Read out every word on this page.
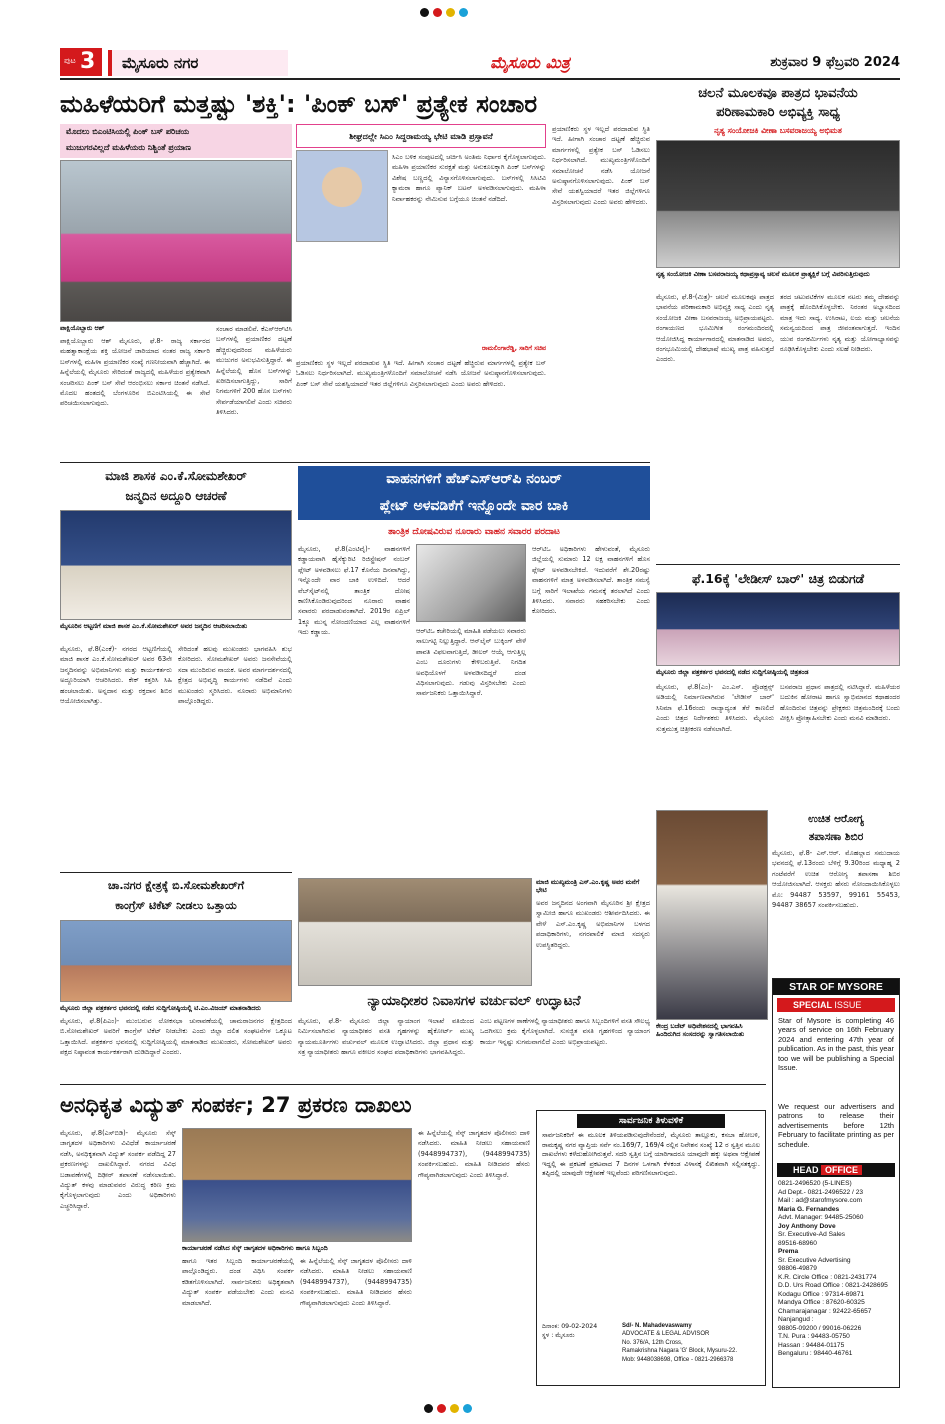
ಪುಟ 3	ಮೈಸೂರು ನಗರ	ಮೈಸೂರು ಮಿತ್ರ	ಶುಕ್ರವಾರ 9 ಫೆಬ್ರವರಿ 2024
ಮಹಿಳೆಯರಿಗೆ ಮತ್ತಷ್ಟು 'ಶಕ್ತಿ': 'ಪಿಂಕ್ ಬಸ್' ಪ್ರತ್ಯೇಕ ಸಂಚಾರ
ಮೊದಲು ಬಿಎಂಟಿಸಿಯಲ್ಲಿ ಪಿಂಕ್ ಬಸ್ ಪರಿಚಯ
ಮುಜುಗರವಿಲ್ಲದೆ ಮಹಿಳೆಯರು ನಿಶ್ಚಿಂತೆ ಪ್ರಯಾಣ
ಪಾಕ್ಷಿಯೊಬ್ಬಾರು ಆಶ್
ಪಾಕ್ಷಿಯೊಬ್ಬಾರು ಆಶ್ ಮೈಸೂರು, ಫೆ.8- ರಾಜ್ಯ ಸರ್ಕಾರದ ಮಹತ್ವಾಕಾಂಕ್ಷೆಯ ಶಕ್ತಿ ಯೋಜನೆ ಜಾರಿಯಾದ ನಂತರ ರಾಜ್ಯ ಸರ್ಕಾರಿ ಬಸ್‌ಗಳಲ್ಲಿ ಮಹಿಳಾ ಪ್ರಯಾಣಿಕರ ಸಂಖ್ಯೆ ಗಣನೀಯವಾಗಿ ಹೆಚ್ಚಾಗಿದೆ. ಈ ಹಿನ್ನೆಲೆಯಲ್ಲಿ ಮೈಸೂರು ಸೇರಿದಂತೆ ರಾಜ್ಯದಲ್ಲಿ ಮಹಿಳೆಯರ ಪ್ರತ್ಯೇಕವಾಗಿ ಸಂಚರಿಸಲು ಪಿಂಕ್ ಬಸ್ ಸೇವೆ ಆರಂಭಿಸಲು ಸರ್ಕಾರ ಚಿಂತನೆ ನಡೆಸಿದೆ. ಮೊದಲ ಹಂತದಲ್ಲಿ ಬೆಂಗಳೂರಿನ ಬಿಎಂಟಿಸಿಯಲ್ಲಿ ಈ ಸೇವೆ ಪರಿಚಯಿಸಲಾಗುವುದು.
ಸಂಚಾರ ಮಾಡಲಿವೆ. ಕೆಎಸ್‌ಆರ್‌ಟಿಸಿ ಬಸ್‌ಗಳಲ್ಲಿ ಪ್ರಯಾಣಿಕರ ದಟ್ಟಣೆ ಹೆಚ್ಚಿರುವುದರಿಂದ ಮಹಿಳೆಯರು ಮುಜುಗರ ಅನುಭವಿಸುತ್ತಿದ್ದಾರೆ. ಈ ಹಿನ್ನೆಲೆಯಲ್ಲಿ ಹೊಸ ಬಸ್‌ಗಳನ್ನು ಖರೀದಿಸಲಾಗುತ್ತಿದ್ದು, ಸಾರಿಗೆ ನಿಗಮಗಳಿಗೆ 200 ಹೊಸ ಬಸ್‌ಗಳು ಸೇರ್ಪಡೆಯಾಗಲಿವೆ ಎಂದು ಸಚಿವರು ತಿಳಿಸಿದರು.
ಶೀಘ್ರದಲ್ಲೇ ಸಿಎಂ ಸಿದ್ದರಾಮಯ್ಯ ಭೇಟಿ ಮಾಡಿ ಪ್ರಸ್ತಾವನೆ
ಸಿಎಂ ಬಳಿಕ ಸಂಪುಟದಲ್ಲಿ ಚರ್ಚಿಸಿ ಅಂತಿಮ ನಿರ್ಧಾರ ಕೈಗೊಳ್ಳಲಾಗುವುದು. ಮಹಿಳಾ ಪ್ರಯಾಣಿಕರ ಸುರಕ್ಷತೆ ಮತ್ತು ಅನುಕೂಲಕ್ಕಾಗಿ ಪಿಂಕ್ ಬಸ್‌ಗಳನ್ನು ವಿಶೇಷ ಬಣ್ಣದಲ್ಲಿ ವಿನ್ಯಾಸಗೊಳಿಸಲಾಗುವುದು. ಬಸ್‌ಗಳಲ್ಲಿ ಸಿಸಿಟಿವಿ ಕ್ಯಾಮರಾ ಹಾಗೂ ಪ್ಯಾನಿಕ್ ಬಟನ್ ಅಳವಡಿಸಲಾಗುವುದು. ಮಹಿಳಾ ನಿರ್ವಾಹಕರನ್ನು ನೇಮಿಸುವ ಬಗ್ಗೆಯೂ ಚಿಂತನೆ ನಡೆದಿದೆ.
ರಾಮಲಿಂಗಾರೆಡ್ಡಿ, ಸಾರಿಗೆ ಸಚಿವ
ಪ್ರಯಾಣಿಕರು ಸ್ಥಳ ಇಲ್ಲದೆ ಪರದಾಡುವ ಸ್ಥಿತಿ ಇದೆ. ಹೀಗಾಗಿ ಸಂಚಾರ ದಟ್ಟಣೆ ಹೆಚ್ಚಿರುವ ಮಾರ್ಗಗಳಲ್ಲಿ ಪ್ರತ್ಯೇಕ ಬಸ್ ಓಡಿಸಲು ನಿರ್ಧರಿಸಲಾಗಿದೆ. ಮುಖ್ಯಮಂತ್ರಿಗಳೊಂದಿಗೆ ಸಮಾಲೋಚನೆ ನಡೆಸಿ ಯೋಜನೆ ಅನುಷ್ಠಾನಗೊಳಿಸಲಾಗುವುದು. ಪಿಂಕ್ ಬಸ್ ಸೇವೆ ಯಶಸ್ವಿಯಾದರೆ ಇತರ ಜಿಲ್ಲೆಗಳಿಗೂ ವಿಸ್ತರಿಸಲಾಗುವುದು ಎಂದು ಅವರು ಹೇಳಿದರು.
ಪ್ರಯಾಣಿಕರು ಸ್ಥಳ ಇಲ್ಲದೆ ಪರದಾಡುವ ಸ್ಥಿತಿ ಇದೆ. ಹೀಗಾಗಿ ಸಂಚಾರ ದಟ್ಟಣೆ ಹೆಚ್ಚಿರುವ ಮಾರ್ಗಗಳಲ್ಲಿ ಪ್ರತ್ಯೇಕ ಬಸ್ ಓಡಿಸಲು ನಿರ್ಧರಿಸಲಾಗಿದೆ. ಮುಖ್ಯಮಂತ್ರಿಗಳೊಂದಿಗೆ ಸಮಾಲೋಚನೆ ನಡೆಸಿ ಯೋಜನೆ ಅನುಷ್ಠಾನಗೊಳಿಸಲಾಗುವುದು. ಪಿಂಕ್ ಬಸ್ ಸೇವೆ ಯಶಸ್ವಿಯಾದರೆ ಇತರ ಜಿಲ್ಲೆಗಳಿಗೂ ವಿಸ್ತರಿಸಲಾಗುವುದು ಎಂದು ಅವರು ಹೇಳಿದರು.
ಚಲನೆ ಮೂಲಕವೂ ಪಾತ್ರದ ಭಾವನೆಯ
ಪರಿಣಾಮಕಾರಿ ಅಭಿವ್ಯಕ್ತಿ ಸಾಧ್ಯ
ನೃತ್ಯ ಸಂಯೋಜಕಿ ವೀಣಾ ಬಸವರಾಜಯ್ಯ ಅಭಿಮತ
ನೃತ್ಯ ಸಂಯೋಜಕಿ ವೀಣಾ ಬಸವರಾಜಯ್ಯ ಕಥಾಪ್ರಸ್ತಾವ್ಯ ಚಲನೆ ಮೂಲಕ ಪ್ರಾತ್ಯಕ್ಷಿಕೆ ಬಗ್ಗೆ ವಿವರಿಸುತ್ತಿರುವುದು
ಮೈಸೂರು, ಫೆ.8-(ಮಿತ್ರ)- ಚಲನೆ ಮೂಲಕವೂ ಪಾತ್ರದ ಭಾವನೆಯ ಪರಿಣಾಮಕಾರಿ ಅಭಿವ್ಯಕ್ತಿ ಸಾಧ್ಯ ಎಂದು ನೃತ್ಯ ಸಂಯೋಜಕಿ ವೀಣಾ ಬಸವರಾಜಯ್ಯ ಅಭಿಪ್ರಾಯಪಟ್ಟರು. ರಂಗಾಯಣದ ಭೂಮಿಗೀತ ರಂಗಮಂದಿರದಲ್ಲಿ ಆಯೋಜಿಸಿದ್ದ ಕಾರ್ಯಾಗಾರದಲ್ಲಿ ಮಾತನಾಡಿದ ಅವರು, ರಂಗಭೂಮಿಯಲ್ಲಿ ದೇಹಭಾಷೆ ಮುಖ್ಯ ಪಾತ್ರ ವಹಿಸುತ್ತದೆ ಎಂದರು.
ತರದ ಚಟುವಟಿಕೆಗಳ ಮೂಲಕ ನಟರು ತಮ್ಮ ದೇಹವನ್ನು ಪಾತ್ರಕ್ಕೆ ಹೊಂದಿಸಿಕೊಳ್ಳಬೇಕು. ನಿರಂತರ ಅಭ್ಯಾಸದಿಂದ ಮಾತ್ರ ಇದು ಸಾಧ್ಯ. ಉಸಿರಾಟ, ಲಯ ಮತ್ತು ಚಲನೆಯ ಸಮನ್ವಯದಿಂದ ಪಾತ್ರ ಜೀವಂತವಾಗುತ್ತದೆ. ಇಂದಿನ ಯುವ ರಂಗಕರ್ಮಿಗಳು ನೃತ್ಯ ಮತ್ತು ಯೋಗಾಭ್ಯಾಸವನ್ನು ರೂಢಿಸಿಕೊಳ್ಳಬೇಕು ಎಂದು ಸಲಹೆ ನೀಡಿದರು.
ಮಾಜಿ ಶಾಸಕ ಎಂ.ಕೆ.ಸೋಮಶೇಖರ್
ಜನ್ಮದಿನ ಅದ್ದೂರಿ ಆಚರಣೆ
ಮೈಸೂರಿನ ಆಟ್ಟಣಿಗೆ ಮಾಜಿ ಶಾಸಕ ಎಂ.ಕೆ.ಸೋಮಶೇಖರ್ ಅವರ ಜನ್ಮದಿನ ಆಚರಿಸಲಾಯಿತು
ಮೈಸೂರು, ಫೆ.8(ಎಂಕೆ)- ನಗರದ ಆಟ್ಟಣಿಗೆಯಲ್ಲಿ ಮಾಜಿ ಶಾಸಕ ಎಂ.ಕೆ.ಸೋಮಶೇಖರ್ ಅವರ 63ನೇ ಜನ್ಮದಿನವನ್ನು ಅಭಿಮಾನಿಗಳು ಮತ್ತು ಕಾರ್ಯಕರ್ತರು ಅದ್ದೂರಿಯಾಗಿ ಆಚರಿಸಿದರು. ಕೇಕ್ ಕತ್ತರಿಸಿ ಸಿಹಿ ಹಂಚಲಾಯಿತು. ಅನ್ನದಾನ ಮತ್ತು ರಕ್ತದಾನ ಶಿಬಿರ ಆಯೋಜಿಸಲಾಗಿತ್ತು.
ಸೇರಿದಂತೆ ಹಲವು ಮುಖಂಡರು ಭಾಗವಹಿಸಿ ಶುಭ ಕೋರಿದರು. ಸೋಮಶೇಖರ್ ಅವರು ಜನಸೇವೆಯಲ್ಲಿ ಸದಾ ಮುಂದಿರುವ ನಾಯಕ. ಅವರ ಮಾರ್ಗದರ್ಶನದಲ್ಲಿ ಕ್ಷೇತ್ರದ ಅಭಿವೃದ್ಧಿ ಕಾರ್ಯಗಳು ನಡೆದಿವೆ ಎಂದು ಮುಖಂಡರು ಸ್ಮರಿಸಿದರು. ನೂರಾರು ಅಭಿಮಾನಿಗಳು ಪಾಲ್ಗೊಂಡಿದ್ದರು.
ವಾಹನಗಳಿಗೆ ಹೆಚ್‌ಎಸ್‌ಆರ್‌ಪಿ ನಂಬರ್
ಪ್ಲೇಟ್ ಅಳವಡಿಕೆಗೆ ಇನ್ನೊಂದೇ ವಾರ ಬಾಕಿ
ತಾಂತ್ರಿಕ ದೋಷವಿರುವ ನೂರಾರು ವಾಹನ ಸವಾರರ ಪರದಾಟ
ಮೈಸೂರು, ಫೆ.8(ಎಂಟಿವೈ)- ವಾಹನಗಳಿಗೆ ಕಡ್ಡಾಯವಾಗಿ ಹೈಸೆಕ್ಯುರಿಟಿ ರಿಜಿಸ್ಟ್ರೇಷನ್ ನಂಬರ್ ಪ್ಲೇಟ್ ಅಳವಡಿಸಲು ಫೆ.17 ಕೊನೆಯ ದಿನವಾಗಿದ್ದು, ಇನ್ನೊಂದೇ ವಾರ ಬಾಕಿ ಉಳಿದಿದೆ. ಆದರೆ ವೆಬ್‌ಸೈಟ್‌ನಲ್ಲಿ ತಾಂತ್ರಿಕ ದೋಷ ಕಾಣಿಸಿಕೊಂಡಿರುವುದರಿಂದ ನೂರಾರು ವಾಹನ ಸವಾರರು ಪರದಾಡುವಂತಾಗಿದೆ. 2019ರ ಏಪ್ರಿಲ್ 1ಕ್ಕೂ ಮುನ್ನ ನೋಂದಣಿಯಾದ ಎಲ್ಲ ವಾಹನಗಳಿಗೆ ಇದು ಕಡ್ಡಾಯ.	ಆರ್‌ಟಿಒ ಕಚೇರಿಯಲ್ಲಿ ಮಾಹಿತಿ ಪಡೆಯಲು ಸವಾರರು ಸಾಲುಗಟ್ಟಿ ನಿಲ್ಲುತ್ತಿದ್ದಾರೆ. ಆನ್‌ಲೈನ್ ಬುಕ್ಕಿಂಗ್ ವೇಳೆ ಪಾವತಿ ವಿಫಲವಾಗುತ್ತಿದೆ, ಡೀಲರ್ ಆಯ್ಕೆ ಆಗುತ್ತಿಲ್ಲ ಎಂಬ ದೂರುಗಳು ಕೇಳಿಬರುತ್ತಿವೆ. ನಿಗದಿತ ಅವಧಿಯೊಳಗೆ ಅಳವಡಿಸದಿದ್ದರೆ ದಂಡ ವಿಧಿಸಲಾಗುವುದು. ಗಡುವು ವಿಸ್ತರಿಸಬೇಕು ಎಂದು ಸಾರ್ವಜನಿಕರು ಒತ್ತಾಯಿಸಿದ್ದಾರೆ.
ಆರ್‌ಟಿಒ ಅಧಿಕಾರಿಗಳು ಹೇಳುವಂತೆ, ಮೈಸೂರು ಜಿಲ್ಲೆಯಲ್ಲಿ ಸುಮಾರು 12 ಲಕ್ಷ ವಾಹನಗಳಿಗೆ ಹೊಸ ಪ್ಲೇಟ್ ಅಳವಡಿಸಬೇಕಿದೆ. ಇದುವರೆಗೆ ಶೇ.20ರಷ್ಟು ವಾಹನಗಳಿಗೆ ಮಾತ್ರ ಅಳವಡಿಸಲಾಗಿದೆ. ತಾಂತ್ರಿಕ ಸಮಸ್ಯೆ ಬಗ್ಗೆ ಸಾರಿಗೆ ಇಲಾಖೆಯ ಗಮನಕ್ಕೆ ತರಲಾಗಿದೆ ಎಂದು ತಿಳಿಸಿದರು. ಸವಾರರು ಸಹಕರಿಸಬೇಕು ಎಂದು ಕೋರಿದರು.
ಚಾ.ನಗರ ಕ್ಷೇತ್ರಕ್ಕೆ ಬಿ.ಸೋಮಶೇಖರ್‌ಗೆ
ಕಾಂಗ್ರೆಸ್ ಟಿಕೆಟ್ ನೀಡಲು ಒತ್ತಾಯ
ಮೈಸೂರು ಜಿಲ್ಲಾ ಪತ್ರಕರ್ತರ ಭವನದಲ್ಲಿ ನಡೆದ ಸುದ್ದಿಗೋಷ್ಠಿಯಲ್ಲಿ ಟಿ.ಎಂ.ವಿಜಯ್ ಮಾತನಾಡಿದರು
ಮೈಸೂರು, ಫೆ.8(ಪಿಎಂ)- ಮುಂಬರುವ ಲೋಕಸಭಾ ಚುನಾವಣೆಯಲ್ಲಿ ಚಾಮರಾಜನಗರ ಕ್ಷೇತ್ರದಿಂದ ಬಿ.ಸೋಮಶೇಖರ್ ಅವರಿಗೆ ಕಾಂಗ್ರೆಸ್ ಟಿಕೆಟ್ ನೀಡಬೇಕು ಎಂದು ಜಿಲ್ಲಾ ದಲಿತ ಸಂಘಟನೆಗಳ ಒಕ್ಕೂಟ ಒತ್ತಾಯಿಸಿದೆ. ಪತ್ರಕರ್ತರ ಭವನದಲ್ಲಿ ಸುದ್ದಿಗೋಷ್ಠಿಯಲ್ಲಿ ಮಾತನಾಡಿದ ಮುಖಂಡರು, ಸೋಮಶೇಖರ್ ಅವರು ಪಕ್ಷದ ನಿಷ್ಠಾವಂತ ಕಾರ್ಯಕರ್ತರಾಗಿ ದುಡಿದಿದ್ದಾರೆ ಎಂದರು.
ಮಾಜಿ ಮುಖ್ಯಮಂತ್ರಿ ಎಸ್.ಎಂ.ಕೃಷ್ಣ ಅವರ ಮನೆಗೆ ಭೇಟಿ
ಅವರ ಜನ್ಮದಿನದ ಅಂಗವಾಗಿ ಮೈಸೂರಿನ ಶ್ರೀ ಕ್ಷೇತ್ರದ ಸ್ವಾಮೀಜಿ ಹಾಗೂ ಮುಖಂಡರು ಆಶೀರ್ವದಿಸಿದರು. ಈ ವೇಳೆ ಎಸ್.ಎಂ.ಕೃಷ್ಣ ಅಭಿಮಾನಿಗಳ ಬಳಗದ ಪದಾಧಿಕಾರಿಗಳು, ನಗರಪಾಲಿಕೆ ಮಾಜಿ ಸದಸ್ಯರು ಉಪಸ್ಥಿತರಿದ್ದರು.
ನ್ಯಾಯಾಧೀಶರ ನಿವಾಸಗಳ ವರ್ಚುವಲ್ ಉದ್ಘಾಟನೆ
ಮೈಸೂರು, ಫೆ.8- ಮೈಸೂರು ಜಿಲ್ಲಾ ನ್ಯಾಯಾಂಗ ಇಲಾಖೆ ವತಿಯಿಂದ ನಿರ್ಮಿಸಲಾಗಿರುವ ನ್ಯಾಯಾಧೀಶರ ವಸತಿ ಗೃಹಗಳನ್ನು ಹೈಕೋರ್ಟ್ ಮುಖ್ಯ ನ್ಯಾಯಮೂರ್ತಿಗಳು ವರ್ಚುವಲ್ ಮೂಲಕ ಉದ್ಘಾಟಿಸಿದರು. ಜಿಲ್ಲಾ ಪ್ರಧಾನ ಮತ್ತು ಸತ್ರ ನ್ಯಾಯಾಧೀಶರು ಹಾಗೂ ವಕೀಲರ ಸಂಘದ ಪದಾಧಿಕಾರಿಗಳು ಭಾಗವಹಿಸಿದ್ದರು.
ಎಂಬ ಪಟ್ಟಣಗಳ ಠಾಣೆಗಳಲ್ಲಿ ನ್ಯಾಯಾಧೀಶರು ಹಾಗೂ ಸಿಬ್ಬಂದಿಗಳಿಗೆ ವಸತಿ ಸೌಲಭ್ಯ ಒದಗಿಸಲು ಕ್ರಮ ಕೈಗೊಳ್ಳಲಾಗಿದೆ. ಸುಸಜ್ಜಿತ ವಸತಿ ಗೃಹಗಳಿಂದ ನ್ಯಾಯಾಂಗ ಕಾರ್ಯ ಇನ್ನಷ್ಟು ಸುಗಮವಾಗಲಿದೆ ಎಂದು ಅಭಿಪ್ರಾಯಪಟ್ಟರು.
ಫೆ.16ಕ್ಕೆ 'ಲೇಡೀಸ್ ಬಾರ್' ಚಿತ್ರ ಬಿಡುಗಡೆ
ಮೈಸೂರು ಜಿಲ್ಲಾ ಪತ್ರಕರ್ತರ ಭವನದಲ್ಲಿ ನಡೆದ ಸುದ್ದಿಗೋಷ್ಠಿಯಲ್ಲಿ ಚಿತ್ರತಂಡ
ಮೈಸೂರು, ಫೆ.8(ಎಂ)- ಎಂ.ಎಸ್. ಪ್ರೊಡಕ್ಷನ್ಸ್ ಅಡಿಯಲ್ಲಿ ನಿರ್ಮಾಣವಾಗಿರುವ 'ಲೇಡೀಸ್ ಬಾರ್' ಸಿನಿಮಾ ಫೆ.16ರಂದು ರಾಜ್ಯಾದ್ಯಂತ ತೆರೆ ಕಾಣಲಿದೆ ಎಂದು ಚಿತ್ರದ ನಿರ್ದೇಶಕರು ತಿಳಿಸಿದರು. ಮೈಸೂರು ಸುತ್ತಮುತ್ತ ಚಿತ್ರೀಕರಣ ನಡೆಸಲಾಗಿದೆ.
ಬಸವರಾಜ ಪ್ರಧಾನ ಪಾತ್ರದಲ್ಲಿ ನಟಿಸಿದ್ದಾರೆ. ಮಹಿಳೆಯರ ಬದುಕಿನ ಹೋರಾಟ ಹಾಗೂ ಸ್ವಾಭಿಮಾನದ ಕಥಾಹಂದರ ಹೊಂದಿರುವ ಚಿತ್ರವನ್ನು ಪ್ರೇಕ್ಷಕರು ಚಿತ್ರಮಂದಿರಕ್ಕೆ ಬಂದು ವೀಕ್ಷಿಸಿ ಪ್ರೋತ್ಸಾಹಿಸಬೇಕು ಎಂದು ಮನವಿ ಮಾಡಿದರು.
ಉಚಿತ ಆರೋಗ್ಯ
ತಪಾಸಣಾ ಶಿಬಿರ
ಮೈಸೂರು, ಫೆ.8- ಎನ್.ಆರ್. ಮೊಹಲ್ಲಾದ ಸಮುದಾಯ ಭವನದಲ್ಲಿ ಫೆ.13ರಂದು ಬೆಳಿಗ್ಗೆ 9.30ರಿಂದ ಮಧ್ಯಾಹ್ನ 2 ಗಂಟೆವರೆಗೆ ಉಚಿತ ಆರೋಗ್ಯ ತಪಾಸಣಾ ಶಿಬಿರ ಆಯೋಜಿಸಲಾಗಿದೆ. ಆಸಕ್ತರು ಹೆಸರು ನೋಂದಾಯಿಸಿಕೊಳ್ಳಲು ಮೊ: 94487 53597, 99161 55453, 94487 38657 ಸಂಪರ್ಕಿಸಬಹುದು.
ಕೇಂದ್ರ ಬಜೆಟ್ ಅಧಿವೇಶನದಲ್ಲಿ ಭಾಗವಹಿಸಿ ಹಿಂದಿರುಗಿದ ಸಂಸದರನ್ನು ಸ್ವಾಗತಿಸಲಾಯಿತು
STAR OF MYSORE
SPECIAL ISSUE
Star of Mysore is completing 46 years of service on 16th February 2024 and entering 47th year of publication. As in the past, this year too we will be publishing a Special Issue.
We request our advertisers and patrons to release their advertisements before 12th February to facilitate printing as per schedule.
HEAD OFFICE
0821-2496520 (5-LINES)
Ad Dept.- 0821-2496522 / 23
Mail : ad@starofmysore.com
Maria G. Fernandes
Advt. Manager: 94485-25060
Joy Anthony Dove
Sr. Executive-Ad Sales
89516-68960
Prema
Sr. Executive Advertising
98806-49879
K.R. Circle Office : 0821-2431774
D.D. Urs Road Office : 0821-2428695
Kodagu Office : 97314-69871
Mandya Office : 87620-60325
Chamarajanagar : 92422-65657
Nanjangud :
98805-09200 / 99016-06226
T.N. Pura : 94483-05750
Hassan : 94484-01175
Bengaluru : 98440-46761
ಅನಧಿಕೃತ ವಿದ್ಯುತ್ ಸಂಪರ್ಕ; 27 ಪ್ರಕರಣ ದಾಖಲು
ಮೈಸೂರು, ಫೆ.8(ಎಸ್‌ಬಿಡಿ)- ಮೈಸೂರು ಸೆಸ್ಕ್ ಜಾಗೃತದಳ ಅಧಿಕಾರಿಗಳು ವಿವಿಧೆಡೆ ಕಾರ್ಯಾಚರಣೆ ನಡೆಸಿ, ಅನಧಿಕೃತವಾಗಿ ವಿದ್ಯುತ್ ಸಂಪರ್ಕ ಪಡೆದಿದ್ದ 27 ಪ್ರಕರಣಗಳನ್ನು ದಾಖಲಿಸಿದ್ದಾರೆ. ನಗರದ ವಿವಿಧ ಬಡಾವಣೆಗಳಲ್ಲಿ ದಿಢೀರ್ ತಪಾಸಣೆ ನಡೆಸಲಾಯಿತು. ವಿದ್ಯುತ್ ಕಳವು ಮಾಡುವವರ ವಿರುದ್ಧ ಕಠಿಣ ಕ್ರಮ ಕೈಗೊಳ್ಳಲಾಗುವುದು ಎಂದು ಅಧಿಕಾರಿಗಳು ಎಚ್ಚರಿಸಿದ್ದಾರೆ.
ಕಾರ್ಯಾಚರಣೆ ನಡೆಸಿದ ಸೆಸ್ಕ್ ಜಾಗೃತದಳ ಅಧಿಕಾರಿಗಳು ಹಾಗೂ ಸಿಬ್ಬಂದಿ
ಹಾಗೂ ಇತರ ಸಿಬ್ಬಂದಿ ಕಾರ್ಯಾಚರಣೆಯಲ್ಲಿ ಪಾಲ್ಗೊಂಡಿದ್ದರು. ದಂಡ ವಿಧಿಸಿ ಸಂಪರ್ಕ ಕಡಿತಗೊಳಿಸಲಾಗಿದೆ. ಸಾರ್ವಜನಿಕರು ಅಧಿಕೃತವಾಗಿ ವಿದ್ಯುತ್ ಸಂಪರ್ಕ ಪಡೆಯಬೇಕು ಎಂದು ಮನವಿ ಮಾಡಲಾಗಿದೆ.
ಈ ಹಿನ್ನೆಲೆಯಲ್ಲಿ ಸೆಸ್ಕ್ ಜಾಗೃತದಳ ಪೊಲೀಸರು ದಾಳಿ ನಡೆಸಿದರು. ಮಾಹಿತಿ ನೀಡಲು ಸಹಾಯವಾಣಿ (9448994737), (9448994735) ಸಂಪರ್ಕಿಸಬಹುದು. ಮಾಹಿತಿ ನೀಡಿದವರ ಹೆಸರು ಗೌಪ್ಯವಾಗಿಡಲಾಗುವುದು ಎಂದು ತಿಳಿಸಿದ್ದಾರೆ.
ಈ ಹಿನ್ನೆಲೆಯಲ್ಲಿ ಸೆಸ್ಕ್ ಜಾಗೃತದಳ ಪೊಲೀಸರು ದಾಳಿ ನಡೆಸಿದರು. ಮಾಹಿತಿ ನೀಡಲು ಸಹಾಯವಾಣಿ (9448994737), (9448994735) ಸಂಪರ್ಕಿಸಬಹುದು. ಮಾಹಿತಿ ನೀಡಿದವರ ಹೆಸರು ಗೌಪ್ಯವಾಗಿಡಲಾಗುವುದು ಎಂದು ತಿಳಿಸಿದ್ದಾರೆ.
ಸಾರ್ವಜನಿಕ ತಿಳುವಳಿಕೆ
ಸಾರ್ವಜನಿಕರಿಗೆ ಈ ಮೂಲಕ ತಿಳಿಯಪಡಿಸುವುದೇನೆಂದರೆ, ಮೈಸೂರು ತಾಲ್ಲೂಕು, ಕಸಬಾ ಹೋಬಳಿ, ರಾಮಕೃಷ್ಣ ನಗರ ವ್ಯಾಪ್ತಿಯ ಸರ್ವೆ ನಂ.169/7, 169/4 ರಲ್ಲಿನ ನಿವೇಶನ ಸಂಖ್ಯೆ 12 ರ ಸ್ವತ್ತಿನ ಮೂಲ ದಾಖಲೆಗಳು ಕಳೆದುಹೋಗಿರುತ್ತವೆ. ಸದರಿ ಸ್ವತ್ತಿನ ಬಗ್ಗೆ ಯಾರಿಗಾದರೂ ಯಾವುದೇ ಹಕ್ಕು ಅಥವಾ ಆಕ್ಷೇಪಣೆ ಇದ್ದಲ್ಲಿ ಈ ಪ್ರಕಟಣೆ ಪ್ರಕಟವಾದ 7 ದಿನಗಳ ಒಳಗಾಗಿ ಕೆಳಕಂಡ ವಿಳಾಸಕ್ಕೆ ಲಿಖಿತವಾಗಿ ಸಲ್ಲಿಸತಕ್ಕದ್ದು. ತಪ್ಪಿದಲ್ಲಿ ಯಾವುದೇ ಆಕ್ಷೇಪಣೆ ಇಲ್ಲವೆಂದು ಪರಿಗಣಿಸಲಾಗುವುದು.
ದಿನಾಂಕ: 09-02-2024
ಸ್ಥಳ : ಮೈಸೂರು
Sd/- N. Mahadevaswamy
ADVOCATE & LEGAL ADVISOR
No. 376/A, 12th Cross,
Ramakrishna Nagara 'G' Block, Mysuru-22.
Mob: 9448038698, Office - 0821-2966378
